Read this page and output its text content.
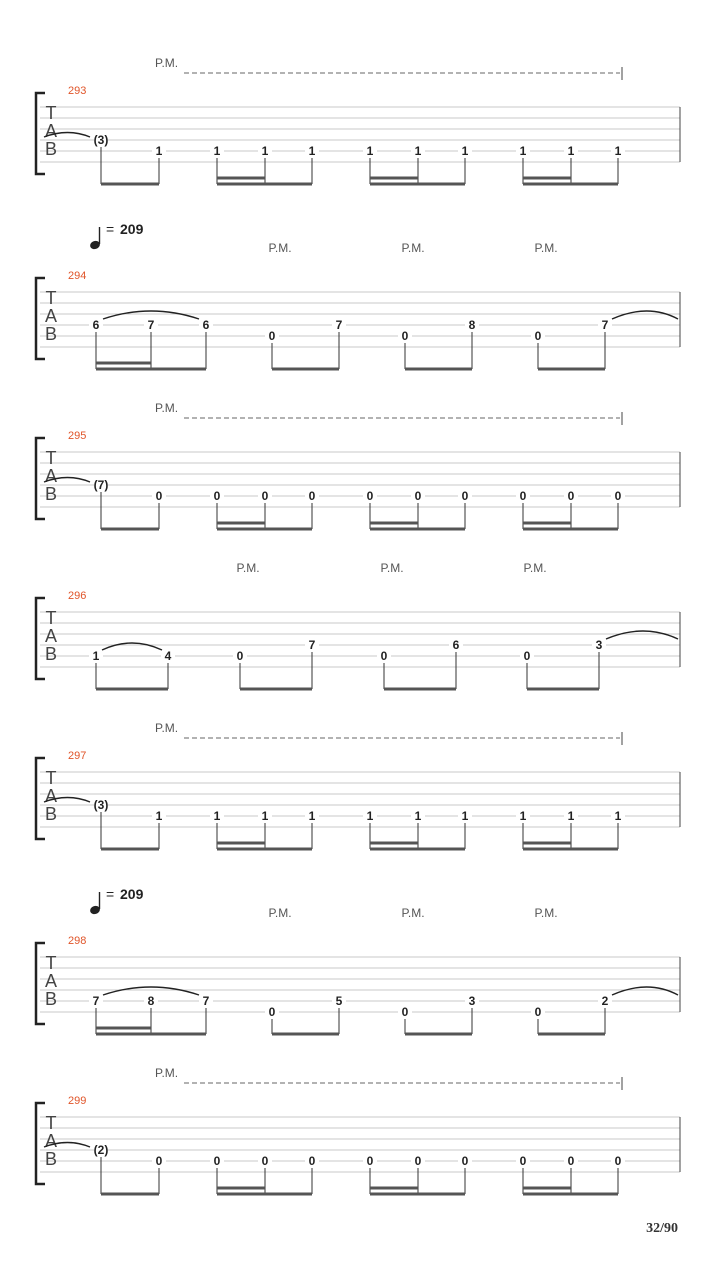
T
A
B
293
P.M.
(3)
1	1	1	1	1	1	1	1	1	1
T
A
B
294
= 209
P.M.	P.M.	P.M.
6	7	6
0
7
0
8
0
7
T
A
B
295
P.M.
(7)
0	0	0	0	0	0	0	0	0	0
T
A
B
296
P.M.	P.M.	P.M.
1	4	0
7
0
6
0
3
T
A
B
297
P.M.
(3)
1	1	1	1	1	1	1	1	1	1
T
A
B
298
= 209
P.M.	P.M.	P.M.
7	8	7
0
5
0
3
0
2
T
A
B
299
P.M.
(2)
0	0	0	0	0	0	0	0	0	0
32/90
